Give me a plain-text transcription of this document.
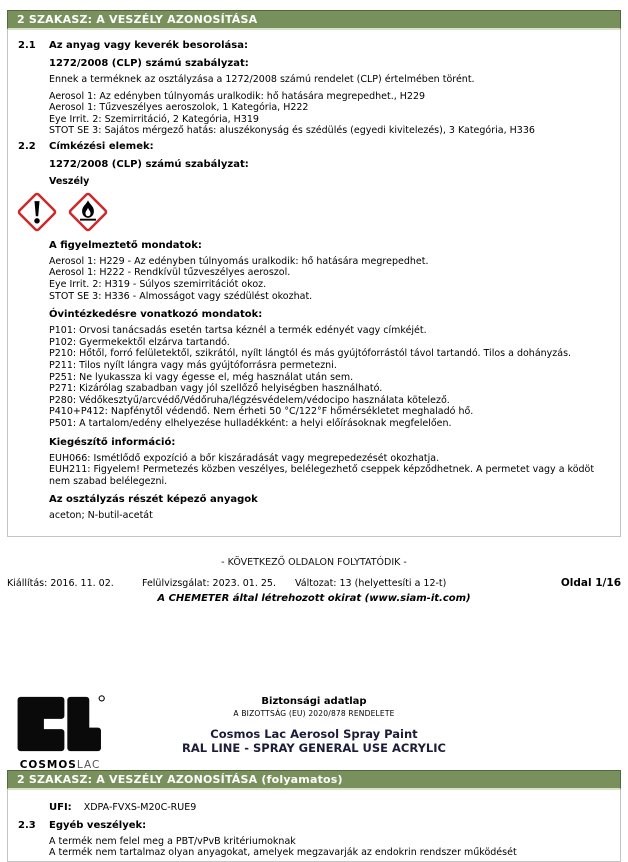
2 SZAKASZ: A VESZÉLY AZONOSÍTÁSA
2.1	Az anyag vagy keverék besorolása:
1272/2008 (CLP) számú szabályzat:
Ennek a terméknek az osztályzása a 1272/2008 számú rendelet (CLP) értelmében törént.
Aerosol 1: Az edényben túlnyomás uralkodik: hő hatására megrepedhet., H229
Aerosol 1: Tűzveszélyes aeroszolok, 1 Kategória, H222
Eye Irrit. 2: Szemirritáció, 2 Kategória, H319
STOT SE 3: Sajátos mérgező hatás: aluszékonyság és szédülés (egyedi kivitelezés), 3 Kategória, H336
2.2	Címkézési elemek:
1272/2008 (CLP) számú szabályzat:
Veszély
A figyelmeztető mondatok:
Aerosol 1: H229 - Az edényben túlnyomás uralkodik: hő hatására megrepedhet.
Aerosol 1: H222 - Rendkívül tűzveszélyes aeroszol.
Eye Irrit. 2: H319 - Súlyos szemirritációt okoz.
STOT SE 3: H336 - Almosságot vagy szédülést okozhat.
Óvintézkedésre vonatkozó mondatok:
P101: Orvosi tanácsadás esetén tartsa kéznél a termék edényét vagy címkéjét.
P102: Gyermekektől elzárva tartandó.
P210: Hőtől, forró felületektől, szikrától, nyílt lángtól és más gyújtóforrástól távol tartandó. Tilos a dohányzás.
P211: Tilos nyílt lángra vagy más gyújtóforrásra permetezni.
P251: Ne lyukassza ki vagy égesse el, még használat után sem.
P271: Kizárólag szabadban vagy jól szellőző helyiségben használható.
P280: Védőkesztyű/arcvédő/Védőruha/légzésvédelem/védocipo használata kötelező.
P410+P412: Napfénytől védendő. Nem érheti 50 °C/122°F hőmérsékletet meghaladó hő.
P501: A tartalom/edény elhelyezése hulladékként: a helyi előírásoknak megfelelően.
Kiegészítő információ:
EUH066: Ismétlődő expozíció a bőr kiszáradását vagy megrepedezését okozhatja.
EUH211: Figyelem! Permetezés közben veszélyes, belélegezhető cseppek képződhetnek. A permetet vagy a ködöt nem szabad belélegezni.
Az osztályzás részét képező anyagok
aceton; N-butil-acetát
- KÖVETKEZŐ OLDALON FOLYTATÓDIK -
Kiállítás: 2016. 11. 02.	Felülvizsgálat: 2023. 01. 25.	Változat: 13 (helyettesíti a 12-t)	Oldal 1/16
A CHEMETER által létrehozott okirat (www.siam-it.com)
COSMOSLAC
Biztonsági adatlap
A BIZOTTSÁG (EU) 2020/878 RENDELETE
Cosmos Lac Aerosol Spray Paint
RAL LINE - SPRAY GENERAL USE ACRYLIC
2 SZAKASZ: A VESZÉLY AZONOSÍTÁSA (folyamatos)
UFI: XDPA-FVXS-M20C-RUE9
2.3	Egyéb veszélyek:
A termék nem felel meg a PBT/vPvB kritériumoknak
A termék nem tartalmaz olyan anyagokat, amelyek megzavarják az endokrin rendszer működését
